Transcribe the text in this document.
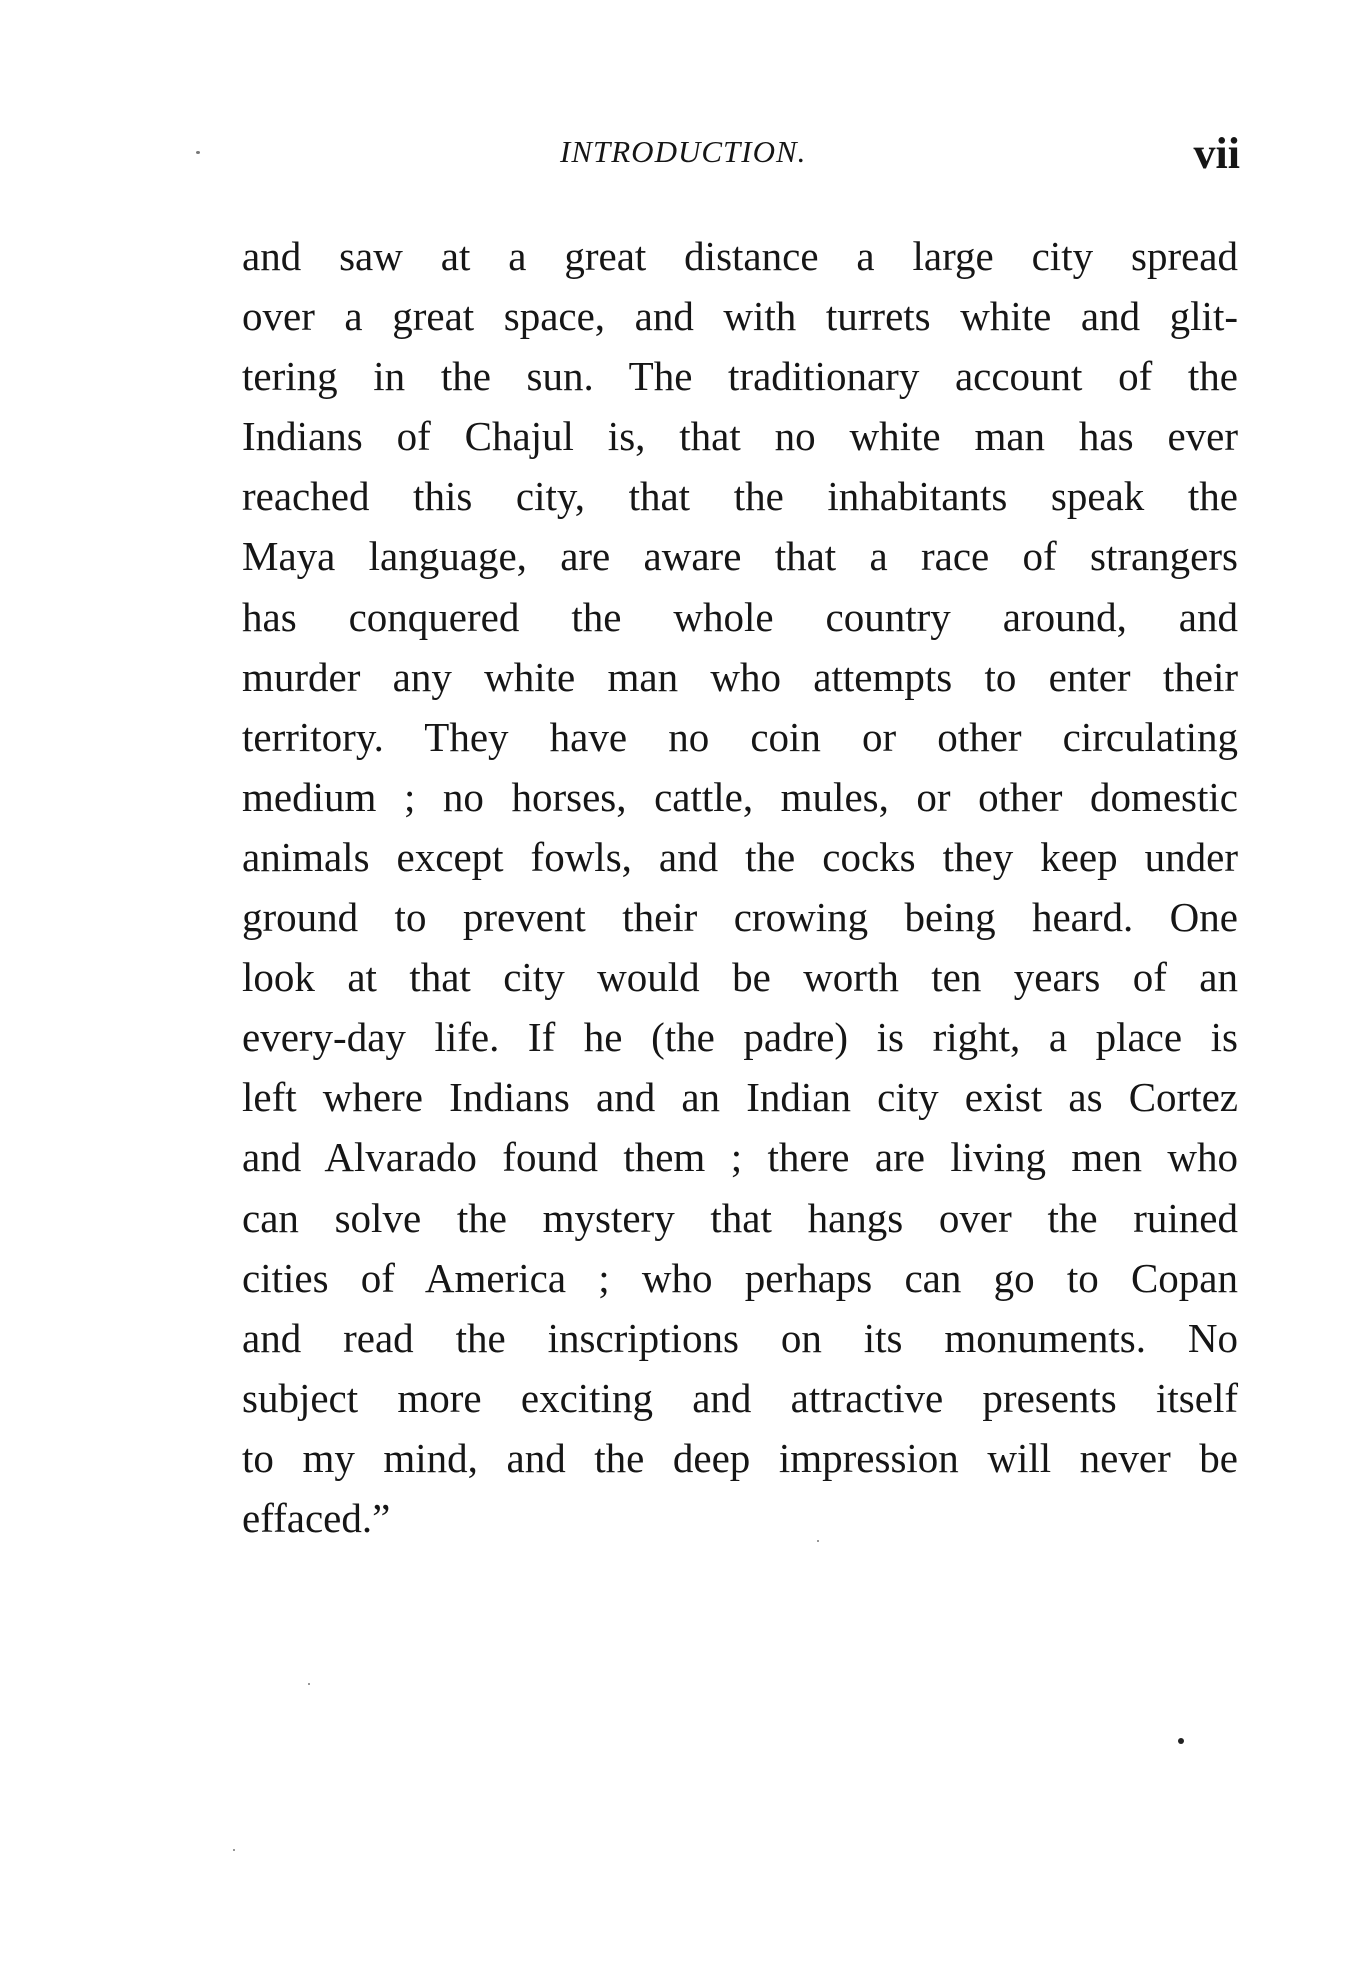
INTRODUCTION.	vii
and saw at a great distance a large city spread
over a great space, and with turrets white and glit-
tering in the sun. The traditionary account of the
Indians of Chajul is, that no white man has ever
reached this city, that the inhabitants speak the
Maya language, are aware that a race of strangers
has conquered the whole country around, and
murder any white man who attempts to enter their
territory. They have no coin or other circulating
medium ; no horses, cattle, mules, or other domestic
animals except fowls, and the cocks they keep under
ground to prevent their crowing being heard. One
look at that city would be worth ten years of an
every-day life. If he (the padre) is right, a place is
left where Indians and an Indian city exist as Cortez
and Alvarado found them ; there are living men who
can solve the mystery that hangs over the ruined
cities of America ; who perhaps can go to Copan
and read the inscriptions on its monuments. No
subject more exciting and attractive presents itself
to my mind, and the deep impression will never be
effaced.”
